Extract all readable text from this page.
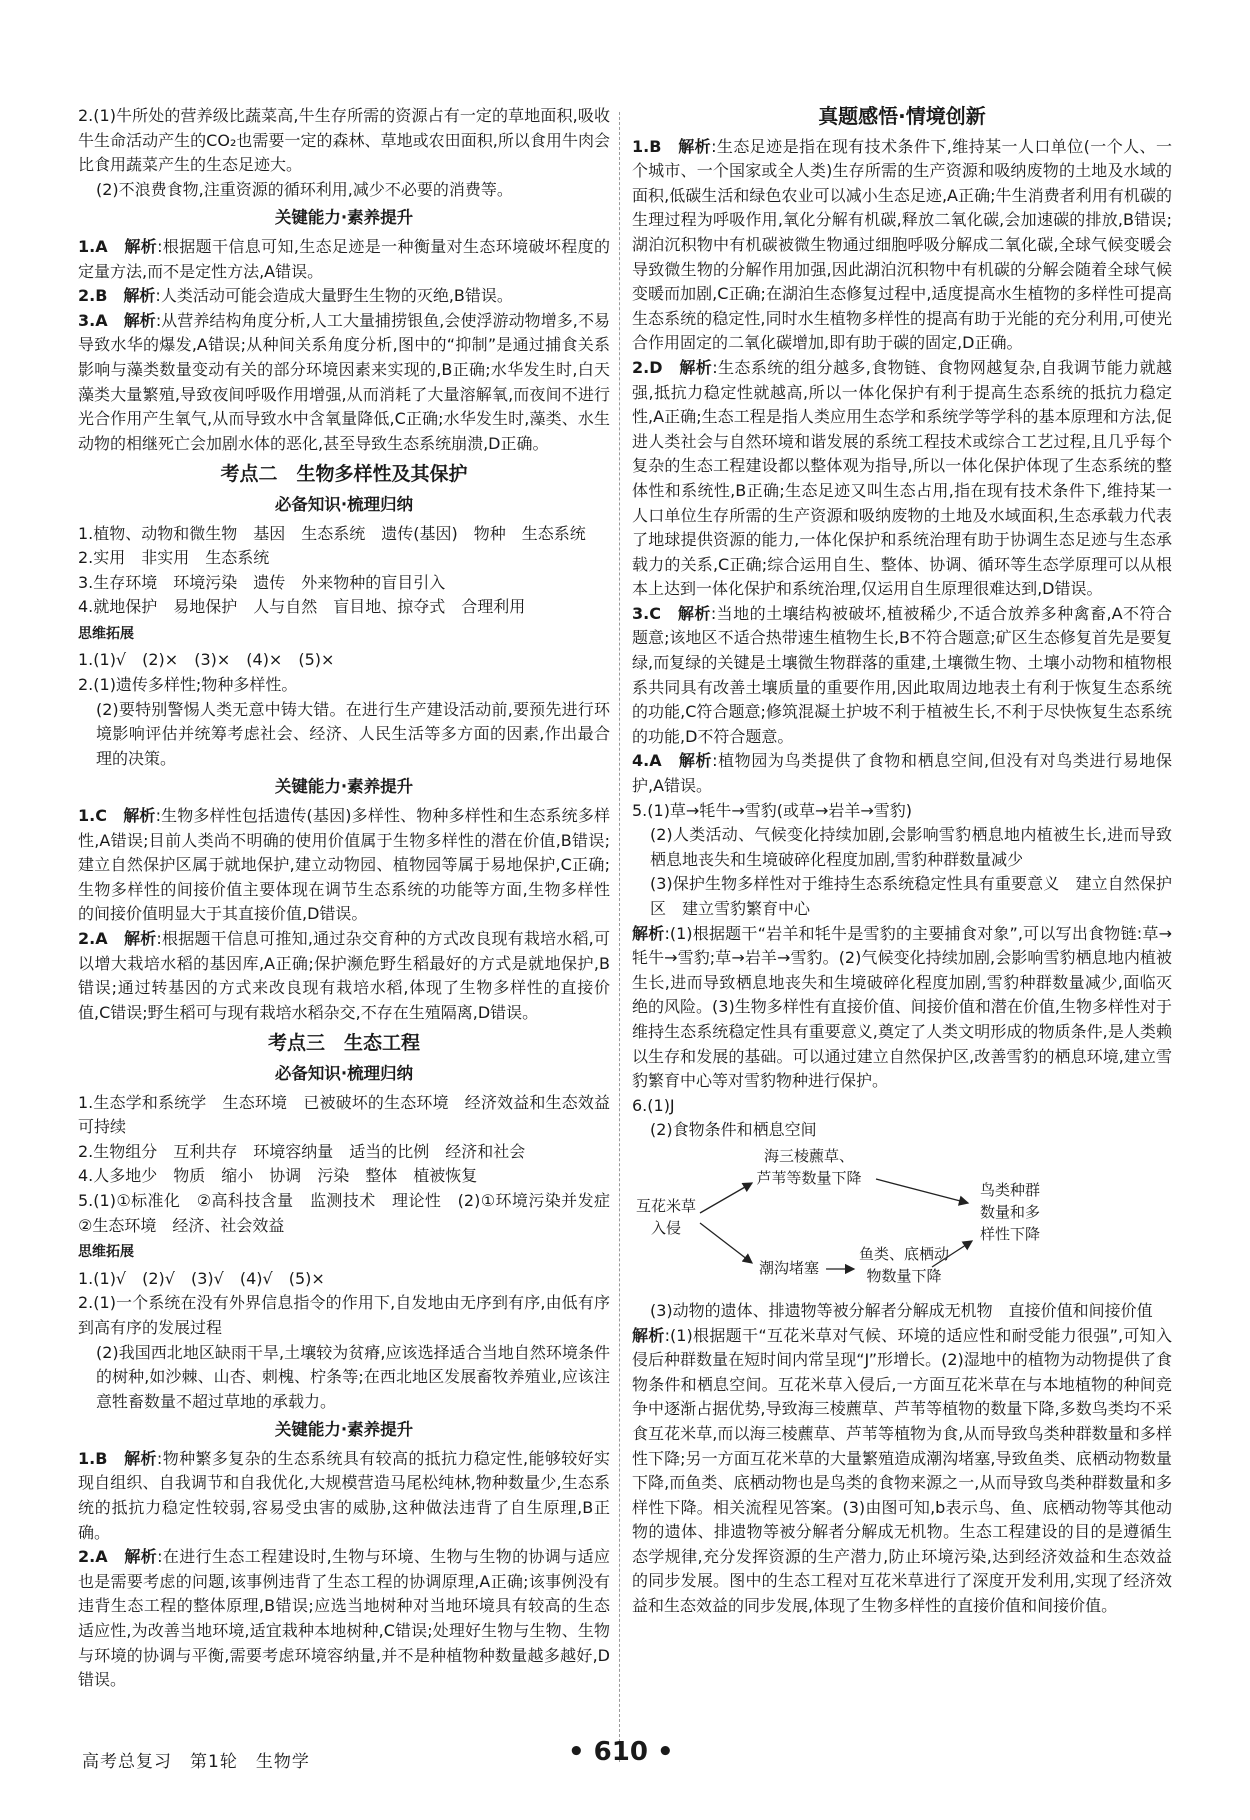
2.(1)牛所处的营养级比蔬菜高,牛生存所需的资源占有一定的草地面积,吸收牛生命活动产生的CO₂也需要一定的森林、草地或农田面积,所以食用牛肉会比食用蔬菜产生的生态足迹大。

(2)不浪费食物,注重资源的循环利用,减少不必要的消费等。

关键能力·素养提升

1.A　解析:根据题干信息可知,生态足迹是一种衡量对生态环境破坏程度的定量方法,而不是定性方法,A错误。

2.B　解析:人类活动可能会造成大量野生生物的灭绝,B错误。

3.A　解析:从营养结构角度分析,人工大量捕捞银鱼,会使浮游动物增多,不易导致水华的爆发,A错误;从种间关系角度分析,图中的“抑制”是通过捕食关系影响与藻类数量变动有关的部分环境因素来实现的,B正确;水华发生时,白天藻类大量繁殖,导致夜间呼吸作用增强,从而消耗了大量溶解氧,而夜间不进行光合作用产生氧气,从而导致水中含氧量降低,C正确;水华发生时,藻类、水生动物的相继死亡会加剧水体的恶化,甚至导致生态系统崩溃,D正确。

考点二　生物多样性及其保护
必备知识·梳理归纳

1.植物、动物和微生物　基因　生态系统　遗传(基因)　物种　生态系统

2.实用　非实用　生态系统

3.生存环境　环境污染　遗传　外来物种的盲目引入

4.就地保护　易地保护　人与自然　盲目地、掠夺式　合理利用

思维拓展

1.(1)√　(2)×　(3)×　(4)×　(5)×

2.(1)遗传多样性;物种多样性。

(2)要特别警惕人类无意中铸大错。在进行生产建设活动前,要预先进行环境影响评估并统筹考虑社会、经济、人民生活等多方面的因素,作出最合理的决策。

关键能力·素养提升

1.C　解析:生物多样性包括遗传(基因)多样性、物种多样性和生态系统多样性,A错误;目前人类尚不明确的使用价值属于生物多样性的潜在价值,B错误;建立自然保护区属于就地保护,建立动物园、植物园等属于易地保护,C正确;生物多样性的间接价值主要体现在调节生态系统的功能等方面,生物多样性的间接价值明显大于其直接价值,D错误。

2.A　解析:根据题干信息可推知,通过杂交育种的方式改良现有栽培水稻,可以增大栽培水稻的基因库,A正确;保护濒危野生稻最好的方式是就地保护,B错误;通过转基因的方式来改良现有栽培水稻,体现了生物多样性的直接价值,C错误;野生稻可与现有栽培水稻杂交,不存在生殖隔离,D错误。

考点三　生态工程
必备知识·梳理归纳

1.生态学和系统学　生态环境　已被破坏的生态环境　经济效益和生态效益　可持续

2.生物组分　互利共存　环境容纳量　适当的比例　经济和社会

4.人多地少　物质　缩小　协调　污染　整体　植被恢复

5.(1)①标准化　②高科技含量　监测技术　理论性　(2)①环境污染并发症　②生态环境　经济、社会效益

思维拓展

1.(1)√　(2)√　(3)√　(4)√　(5)×

2.(1)一个系统在没有外界信息指令的作用下,自发地由无序到有序,由低有序到高有序的发展过程

(2)我国西北地区缺雨干旱,土壤较为贫瘠,应该选择适合当地自然环境条件的树种,如沙棘、山杏、刺槐、柠条等;在西北地区发展畜牧养殖业,应该注意牲畜数量不超过草地的承载力。

关键能力·素养提升

1.B　解析:物种繁多复杂的生态系统具有较高的抵抗力稳定性,能够较好实现自组织、自我调节和自我优化,大规模营造马尾松纯林,物种数量少,生态系统的抵抗力稳定性较弱,容易受虫害的威胁,这种做法违背了自生原理,B正确。

2.A　解析:在进行生态工程建设时,生物与环境、生物与生物的协调与适应也是需要考虑的问题,该事例违背了生态工程的协调原理,A正确;该事例没有违背生态工程的整体原理,B错误;应选当地树种对当地环境具有较高的生态适应性,为改善当地环境,适宜栽种本地树种,C错误;处理好生物与生物、生物与环境的协调与平衡,需要考虑环境容纳量,并不是种植物种数量越多越好,D错误。

真题感悟·情境创新

1.B　解析:生态足迹是指在现有技术条件下,维持某一人口单位(一个人、一个城市、一个国家或全人类)生存所需的生产资源和吸纳废物的土地及水域的面积,低碳生活和绿色农业可以减小生态足迹,A正确;牛生消费者利用有机碳的生理过程为呼吸作用,氧化分解有机碳,释放二氧化碳,会加速碳的排放,B错误;湖泊沉积物中有机碳被微生物通过细胞呼吸分解成二氧化碳,全球气候变暖会导致微生物的分解作用加强,因此湖泊沉积物中有机碳的分解会随着全球气候变暖而加剧,C正确;在湖泊生态修复过程中,适度提高水生植物的多样性可提高生态系统的稳定性,同时水生植物多样性的提高有助于光能的充分利用,可使光合作用固定的二氧化碳增加,即有助于碳的固定,D正确。

2.D　解析:生态系统的组分越多,食物链、食物网越复杂,自我调节能力就越强,抵抗力稳定性就越高,所以一体化保护有利于提高生态系统的抵抗力稳定性,A正确;生态工程是指人类应用生态学和系统学等学科的基本原理和方法,促进人类社会与自然环境和谐发展的系统工程技术或综合工艺过程,且几乎每个复杂的生态工程建设都以整体观为指导,所以一体化保护体现了生态系统的整体性和系统性,B正确;生态足迹又叫生态占用,指在现有技术条件下,维持某一人口单位生存所需的生产资源和吸纳废物的土地及水域面积,生态承载力代表了地球提供资源的能力,一体化保护和系统治理有助于协调生态足迹与生态承载力的关系,C正确;综合运用自生、整体、协调、循环等生态学原理可以从根本上达到一体化保护和系统治理,仅运用自生原理很难达到,D错误。

3.C　解析:当地的土壤结构被破坏,植被稀少,不适合放养多种禽畜,A不符合题意;该地区不适合热带速生植物生长,B不符合题意;矿区生态修复首先是要复绿,而复绿的关键是土壤微生物群落的重建,土壤微生物、土壤小动物和植物根系共同具有改善土壤质量的重要作用,因此取周边地表土有利于恢复生态系统的功能,C符合题意;修筑混凝土护坡不利于植被生长,不利于尽快恢复生态系统的功能,D不符合题意。

4.A　解析:植物园为鸟类提供了食物和栖息空间,但没有对鸟类进行易地保护,A错误。

5.(1)草→牦牛→雪豹(或草→岩羊→雪豹)

(2)人类活动、气候变化持续加剧,会影响雪豹栖息地内植被生长,进而导致栖息地丧失和生境破碎化程度加剧,雪豹种群数量减少

(3)保护生物多样性对于维持生态系统稳定性具有重要意义　建立自然保护区　建立雪豹繁育中心

解析:(1)根据题干“岩羊和牦牛是雪豹的主要捕食对象”,可以写出食物链:草→牦牛→雪豹;草→岩羊→雪豹。(2)气候变化持续加剧,会影响雪豹栖息地内植被生长,进而导致栖息地丧失和生境破碎化程度加剧,雪豹种群数量减少,面临灭绝的风险。(3)生物多样性有直接价值、间接价值和潜在价值,生物多样性对于维持生态系统稳定性具有重要意义,奠定了人类文明形成的物质条件,是人类赖以生存和发展的基础。可以通过建立自然保护区,改善雪豹的栖息环境,建立雪豹繁育中心等对雪豹物种进行保护。

6.(1)J

(2)食物条件和栖息空间

互花米草
入侵
海三棱藨草、
芦苇等数量下降
潮沟堵塞
鱼类、底栖动
物数量下降
鸟类种群
数量和多
样性下降

(3)动物的遗体、排遗物等被分解者分解成无机物　直接价值和间接价值

解析:(1)根据题干“互花米草对气候、环境的适应性和耐受能力很强”,可知入侵后种群数量在短时间内常呈现“J”形增长。(2)湿地中的植物为动物提供了食物条件和栖息空间。互花米草入侵后,一方面互花米草在与本地植物的种间竞争中逐渐占据优势,导致海三棱藨草、芦苇等植物的数量下降,多数鸟类均不采食互花米草,而以海三棱藨草、芦苇等植物为食,从而导致鸟类种群数量和多样性下降;另一方面互花米草的大量繁殖造成潮沟堵塞,导致鱼类、底栖动物数量下降,而鱼类、底栖动物也是鸟类的食物来源之一,从而导致鸟类种群数量和多样性下降。相关流程见答案。(3)由图可知,b表示鸟、鱼、底栖动物等其他动物的遗体、排遗物等被分解者分解成无机物。生态工程建设的目的是遵循生态学规律,充分发挥资源的生产潜力,防止环境污染,达到经济效益和生态效益的同步发展。图中的生态工程对互花米草进行了深度开发利用,实现了经济效益和生态效益的同步发展,体现了生物多样性的直接价值和间接价值。

高考总复习　第1轮　生物学	• 610 •
